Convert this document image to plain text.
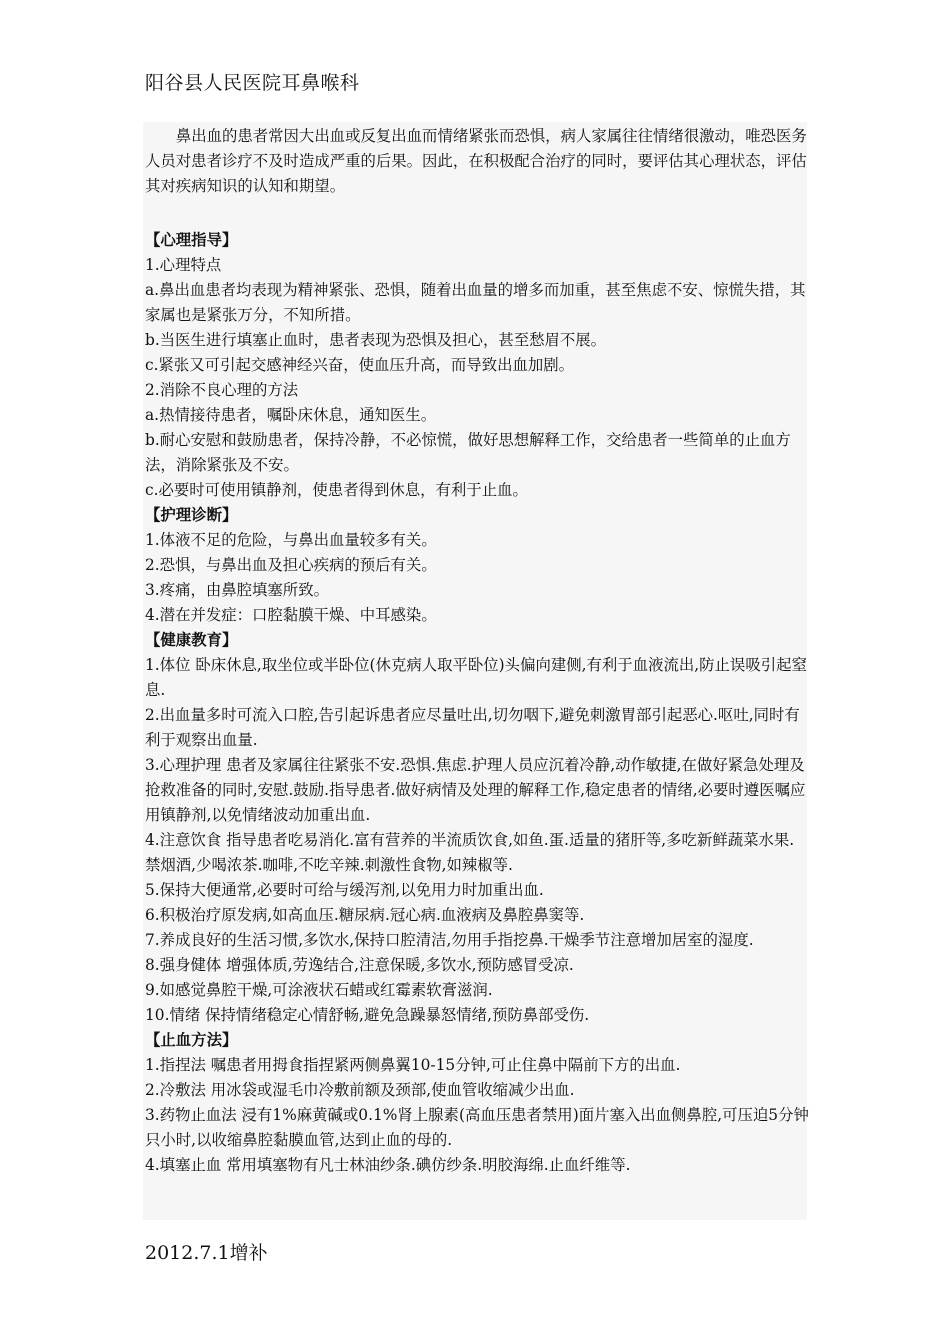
阳谷县人民医院耳鼻喉科

鼻出血的患者常因大出血或反复出血而情绪紧张而恐惧，病人家属往往情绪很激动，唯恐医务人员对患者诊疗不及时造成严重的后果。因此，在积极配合治疗的同时，要评估其心理状态，评估其对疾病知识的认知和期望。

【心理指导】

1.心理特点

a.鼻出血患者均表现为精神紧张、恐惧，随着出血量的增多而加重，甚至焦虑不安、惊慌失措，其家属也是紧张万分，不知所措。

b.当医生进行填塞止血时，患者表现为恐惧及担心，甚至愁眉不展。

c.紧张又可引起交感神经兴奋，使血压升高，而导致出血加剧。

2.消除不良心理的方法

a.热情接待患者，嘱卧床休息，通知医生。

b.耐心安慰和鼓励患者，保持冷静，不必惊慌，做好思想解释工作，交给患者一些简单的止血方法，消除紧张及不安。

c.必要时可使用镇静剂，使患者得到休息，有利于止血。

【护理诊断】

1.体液不足的危险，与鼻出血量较多有关。

2.恐惧，与鼻出血及担心疾病的预后有关。

3.疼痛，由鼻腔填塞所致。

4.潜在并发症：口腔黏膜干燥、中耳感染。

【健康教育】

1.体位 卧床休息,取坐位或半卧位(休克病人取平卧位)头偏向建侧,有利于血液流出,防止误吸引起窒息.

2.出血量多时可流入口腔,告引起诉患者应尽量吐出,切勿咽下,避免刺激胃部引起恶心.呕吐,同时有利于观察出血量.

3.心理护理 患者及家属往往紧张不安.恐惧.焦虑.护理人员应沉着冷静,动作敏捷,在做好紧急处理及抢救准备的同时,安慰.鼓励.指导患者.做好病情及处理的解释工作,稳定患者的情绪,必要时遵医嘱应用镇静剂,以免情绪波动加重出血.

4.注意饮食 指导患者吃易消化.富有营养的半流质饮食,如鱼.蛋.适量的猪肝等,多吃新鲜蔬菜水果.禁烟酒,少喝浓茶.咖啡,不吃辛辣.刺激性食物,如辣椒等.

5.保持大便通常,必要时可给与缓泻剂,以免用力时加重出血.

6.积极治疗原发病,如高血压.糖尿病.冠心病.血液病及鼻腔鼻窦等.

7.养成良好的生活习惯,多饮水,保持口腔清洁,勿用手指挖鼻.干燥季节注意增加居室的湿度.

8.强身健体 增强体质,劳逸结合,注意保暖,多饮水,预防感冒受凉.

9.如感觉鼻腔干燥,可涂液状石蜡或红霉素软膏滋润.

10.情绪 保持情绪稳定心情舒畅,避免急躁暴怒情绪,预防鼻部受伤.

【止血方法】

1.指捏法 嘱患者用拇食指捏紧两侧鼻翼10-15分钟,可止住鼻中隔前下方的出血.

2.冷敷法 用冰袋或湿毛巾冷敷前额及颈部,使血管收缩减少出血.

3.药物止血法 浸有1%麻黄碱或0.1%肾上腺素(高血压患者禁用)面片塞入出血侧鼻腔,可压迫5分钟只小时,以收缩鼻腔黏膜血管,达到止血的母的.

4.填塞止血 常用填塞物有凡士林油纱条.碘仿纱条.明胶海绵.止血纤维等.

2012.7.1增补
